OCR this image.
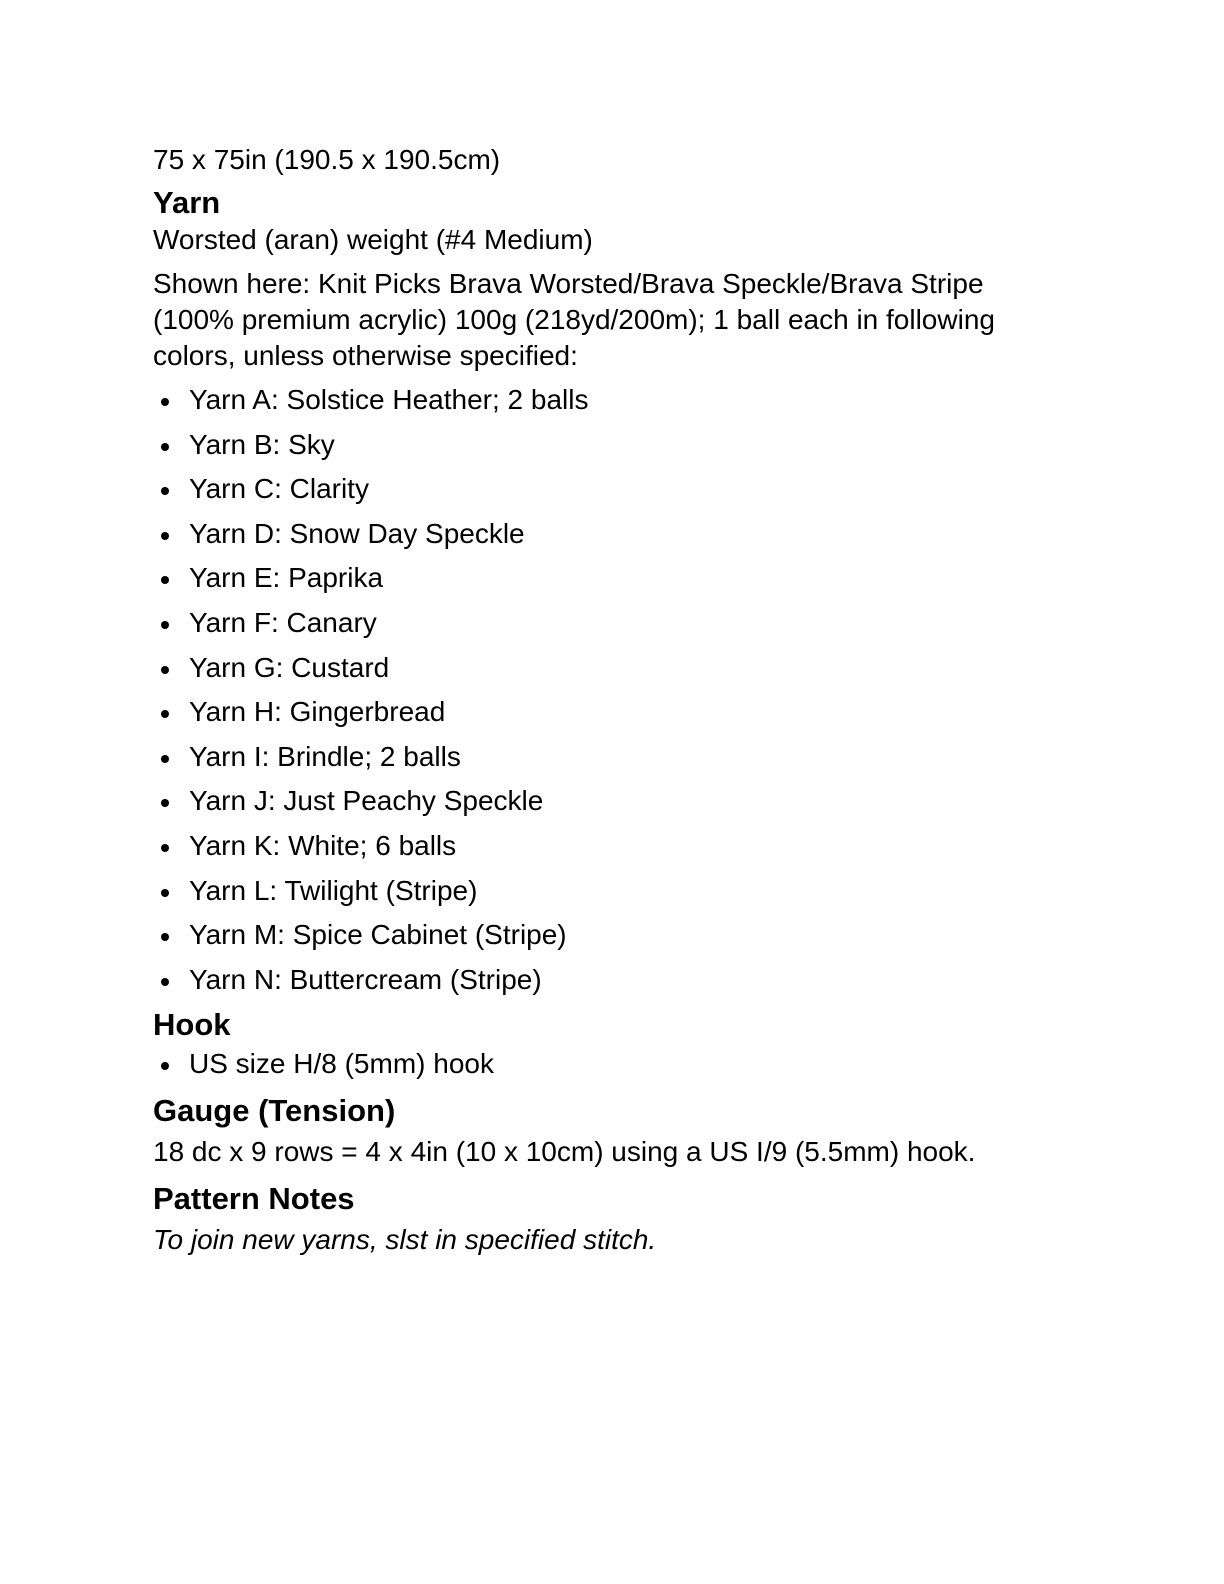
75 x 75in (190.5 x 190.5cm)

Yarn

Worsted (aran) weight (#4 Medium)

Shown here: Knit Picks Brava Worsted/Brava Speckle/Brava Stripe

(100% premium acrylic) 100g (218yd/200m); 1 ball each in following

colors, unless otherwise specified:

Yarn A: Solstice Heather; 2 balls
Yarn B: Sky
Yarn C: Clarity
Yarn D: Snow Day Speckle
Yarn E: Paprika
Yarn F: Canary
Yarn G: Custard
Yarn H: Gingerbread
Yarn I: Brindle; 2 balls
Yarn J: Just Peachy Speckle
Yarn K: White; 6 balls
Yarn L: Twilight (Stripe)
Yarn M: Spice Cabinet (Stripe)
Yarn N: Buttercream (Stripe)
Hook
US size H/8 (5mm) hook
Gauge (Tension)

18 dc x 9 rows = 4 x 4in (10 x 10cm) using a US I/9 (5.5mm) hook.

Pattern Notes

To join new yarns, slst in specified stitch.
